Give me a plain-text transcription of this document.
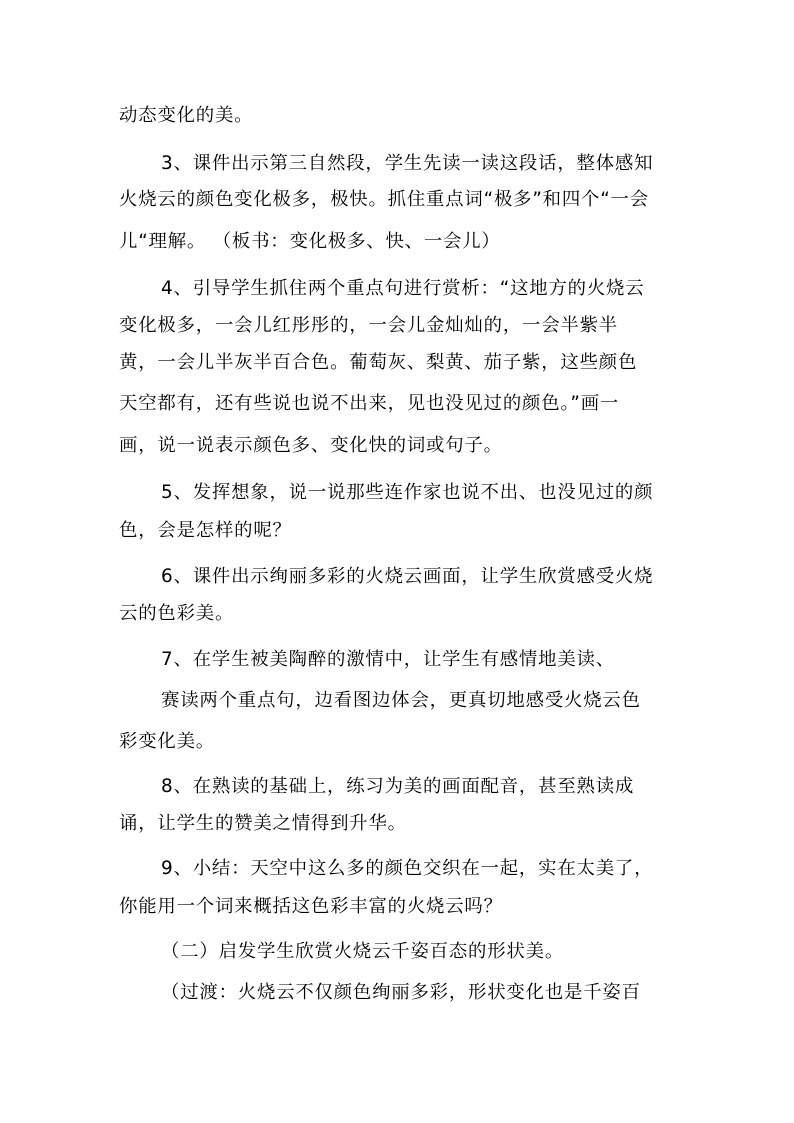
动态变化的美。
3、课件出示第三自然段，学生先读一读这段话，整体感知
火烧云的颜色变化极多，极快。抓住重点词“极多”和四个“一会
儿“理解。 （板书：变化极多、快、一会儿）
4、引导学生抓住两个重点句进行赏析：“这地方的火烧云
变化极多，一会儿红彤彤的，一会儿金灿灿的，一会半紫半
黄，一会儿半灰半百合色。葡萄灰、梨黄、茄子紫，这些颜色
天空都有，还有些说也说不出来，见也没见过的颜色。”画一
画，说一说表示颜色多、变化快的词或句子。
5、发挥想象，说一说那些连作家也说不出、也没见过的颜
色，会是怎样的呢？
6、课件出示绚丽多彩的火烧云画面，让学生欣赏感受火烧
云的色彩美。
7、在学生被美陶醉的激情中，让学生有感情地美读、
赛读两个重点句，边看图边体会，更真切地感受火烧云色
彩变化美。
8、在熟读的基础上，练习为美的画面配音，甚至熟读成
诵，让学生的赞美之情得到升华。
9、小结：天空中这么多的颜色交织在一起，实在太美了，
你能用一个词来概括这色彩丰富的火烧云吗？
（二）启发学生欣赏火烧云千姿百态的形状美。
（过渡：火烧云不仅颜色绚丽多彩，形状变化也是千姿百
